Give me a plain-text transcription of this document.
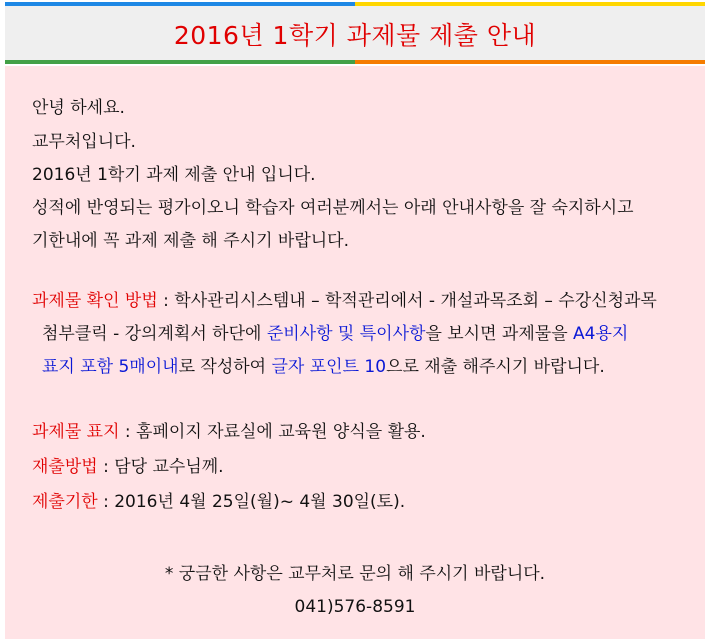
2016년 1학기 과제물 제출 안내
안녕 하세요.
교무처입니다.
2016년 1학기 과제 제출 안내 입니다.
성적에 반영되는 평가이오니 학습자 여러분께서는 아래 안내사항을 잘 숙지하시고
기한내에 꼭 과제 제출 해 주시기 바랍니다.
과제물 확인 방법 : 학사관리시스템내 – 학적관리에서 - 개설과목조회 – 수강신청과목
첨부클릭 - 강의계획서 하단에 준비사항 및 특이사항을 보시면 과제물을 A4용지
표지 포함 5매이내로 작성하여 글자 포인트 10으로 재출 해주시기 바랍니다.
과제물 표지 : 홈페이지 자료실에 교육원 양식을 활용.
재출방법 : 담당 교수님께.
제출기한 : 2016년 4월 25일(월)~ 4월 30일(토).
* 궁금한 사항은 교무처로 문의 해 주시기 바랍니다.
041)576-8591
